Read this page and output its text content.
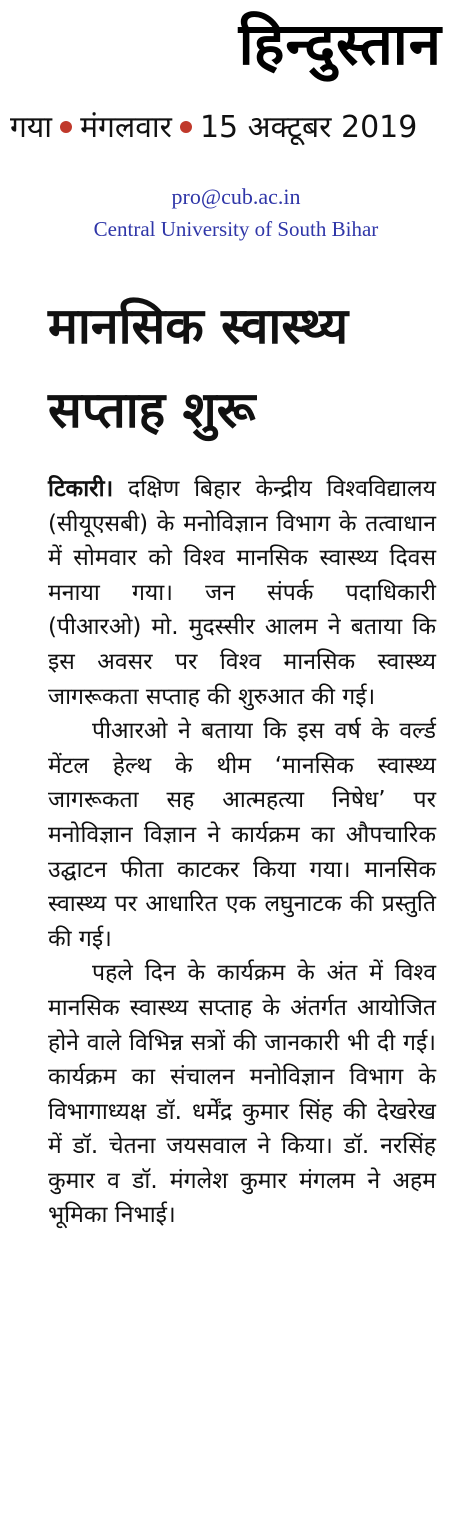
हिन्दुस्तान
गया मंगलवार 15 अक्टूबर 2019
pro@cub.ac.in
Central University of South Bihar
मानसिक स्वास्थ्य
सप्ताह शुरू

टिकारी। दक्षिण बिहार केन्द्रीय विश्वविद्यालय (सीयूएसबी) के मनोविज्ञान विभाग के तत्वाधान में सोमवार को विश्व मानसिक स्वास्थ्य दिवस मनाया गया। जन संपर्क पदाधिकारी (पीआरओ) मो. मुदस्सीर आलम ने बताया कि इस अवसर पर विश्व मानसिक स्वास्थ्य जागरूकता सप्ताह की शुरुआत की गई।

पीआरओ ने बताया कि इस वर्ष के वर्ल्ड मेंटल हेल्थ के थीम ‘मानसिक स्वास्थ्य जागरूकता सह आत्महत्या निषेध’ पर मनोविज्ञान विज्ञान ने कार्यक्रम का औपचारिक उद्घाटन फीता काटकर किया गया। मानसिक स्वास्थ्य पर आधारित एक लघुनाटक की प्रस्तुति की गई।

पहले दिन के कार्यक्रम के अंत में विश्व मानसिक स्वास्थ्य सप्ताह के अंतर्गत आयोजित होने वाले विभिन्न सत्रों की जानकारी भी दी गई। कार्यक्रम का संचालन मनोविज्ञान विभाग के विभागाध्यक्ष डॉ. धर्मेंद्र कुमार सिंह की देखरेख में डॉ. चेतना जयसवाल ने किया। डॉ. नरसिंह कुमार व डॉ. मंगलेश कुमार मंगलम ने अहम भूमिका निभाई।
